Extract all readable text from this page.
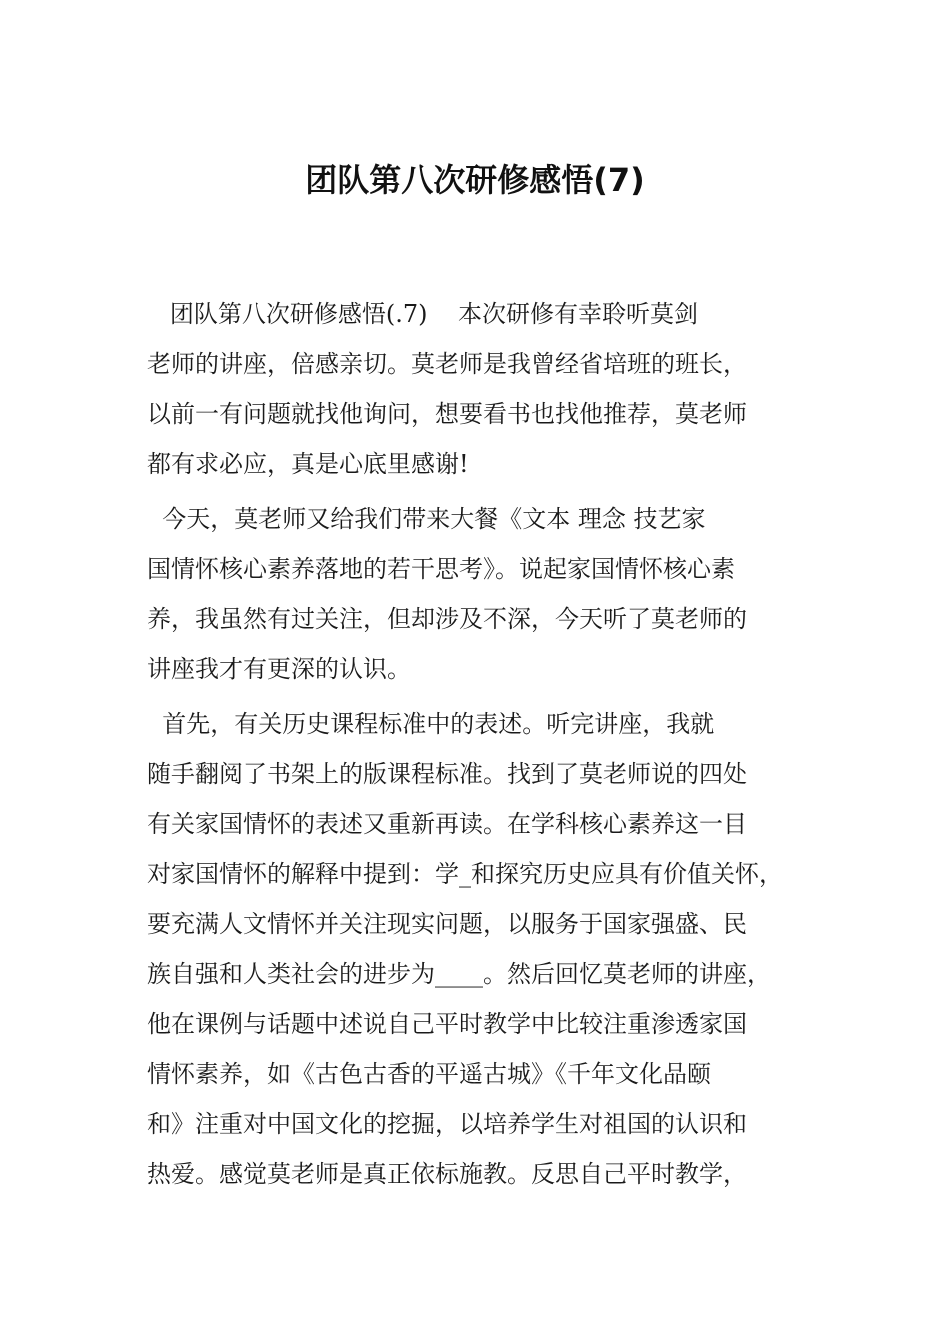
团队第八次研修感悟(7)
团队第八次研修感悟(.7)    本次研修有幸聆听莫剑
老师的讲座，倍感亲切。莫老师是我曾经省培班的班长，
以前一有问题就找他询问，想要看书也找他推荐，莫老师
都有求必应，真是心底里感谢!
今天，莫老师又给我们带来大餐《文本 理念 技艺家
国情怀核心素养落地的若干思考》。说起家国情怀核心素
养，我虽然有过关注，但却涉及不深，今天听了莫老师的
讲座我才有更深的认识。
首先，有关历史课程标准中的表述。听完讲座，我就
随手翻阅了书架上的版课程标准。找到了莫老师说的四处
有关家国情怀的表述又重新再读。在学科核心素养这一目
对家国情怀的解释中提到：学_和探究历史应具有价值关怀，
要充满人文情怀并关注现实问题，以服务于国家强盛、民
族自强和人类社会的进步为____。然后回忆莫老师的讲座，
他在课例与话题中述说自己平时教学中比较注重渗透家国
情怀素养，如《古色古香的平遥古城》《千年文化品颐
和》注重对中国文化的挖掘，以培养学生对祖国的认识和
热爱。感觉莫老师是真正依标施教。反思自己平时教学，
